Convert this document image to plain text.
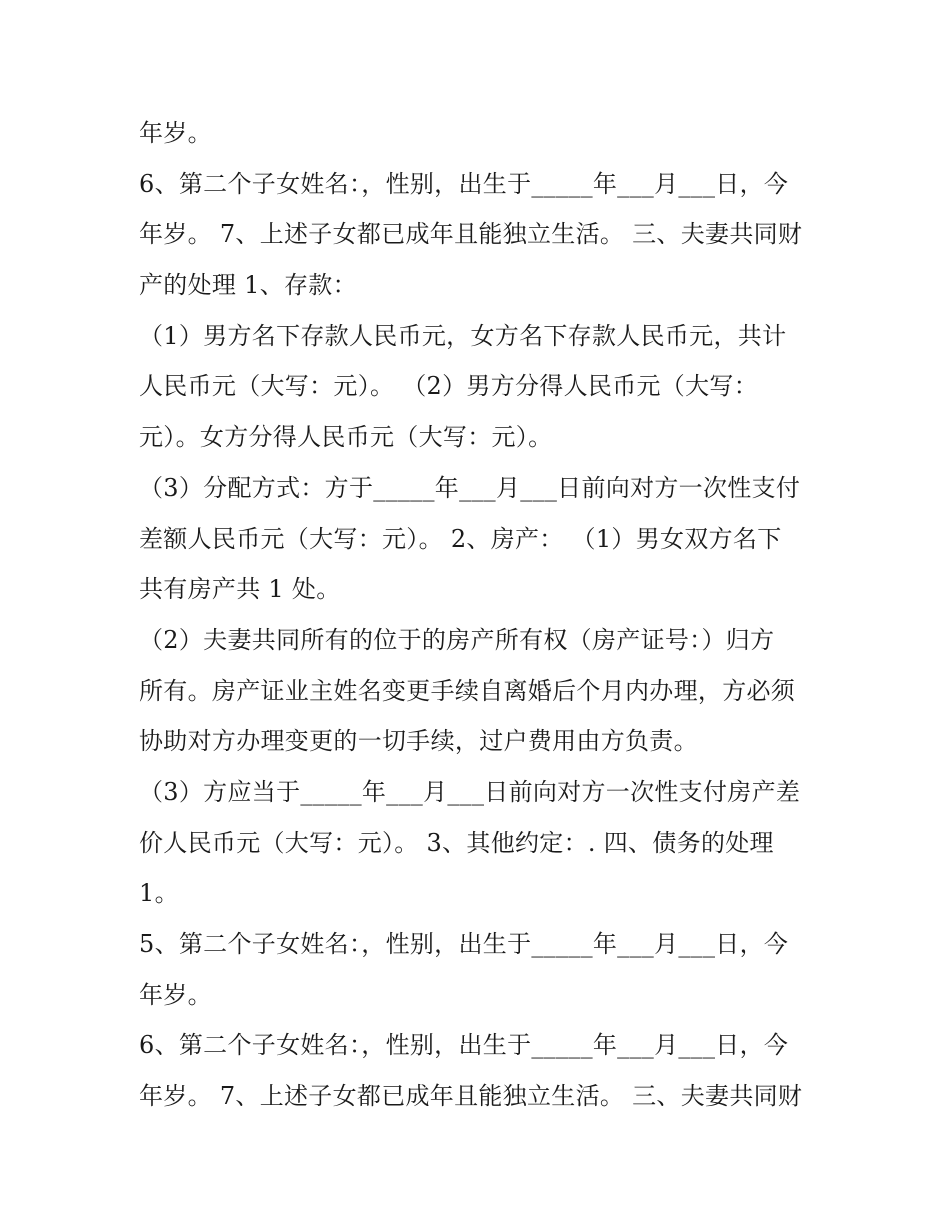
年岁。
6、第二个子女姓名：，性别，出生于_____年___月___日，今
年岁。 7、上述子女都已成年且能独立生活。 三、夫妻共同财
产的处理 1、存款：
（1）男方名下存款人民币元，女方名下存款人民币元，共计
人民币元（大写：元）。 （2）男方分得人民币元（大写：
元）。女方分得人民币元（大写：元）。
（3）分配方式：方于_____年___月___日前向对方一次性支付
差额人民币元（大写：元）。 2、房产： （1）男女双方名下
共有房产共 1 处。
（2）夫妻共同所有的位于的房产所有权（房产证号：）归方
所有。房产证业主姓名变更手续自离婚后个月内办理，方必须
协助对方办理变更的一切手续，过户费用由方负责。
（3）方应当于_____年___月___日前向对方一次性支付房产差
价人民币元（大写：元）。 3、其他约定：. 四、债务的处理
1。
5、第二个子女姓名：，性别，出生于_____年___月___日，今
年岁。
6、第二个子女姓名：，性别，出生于_____年___月___日，今
年岁。 7、上述子女都已成年且能独立生活。 三、夫妻共同财
